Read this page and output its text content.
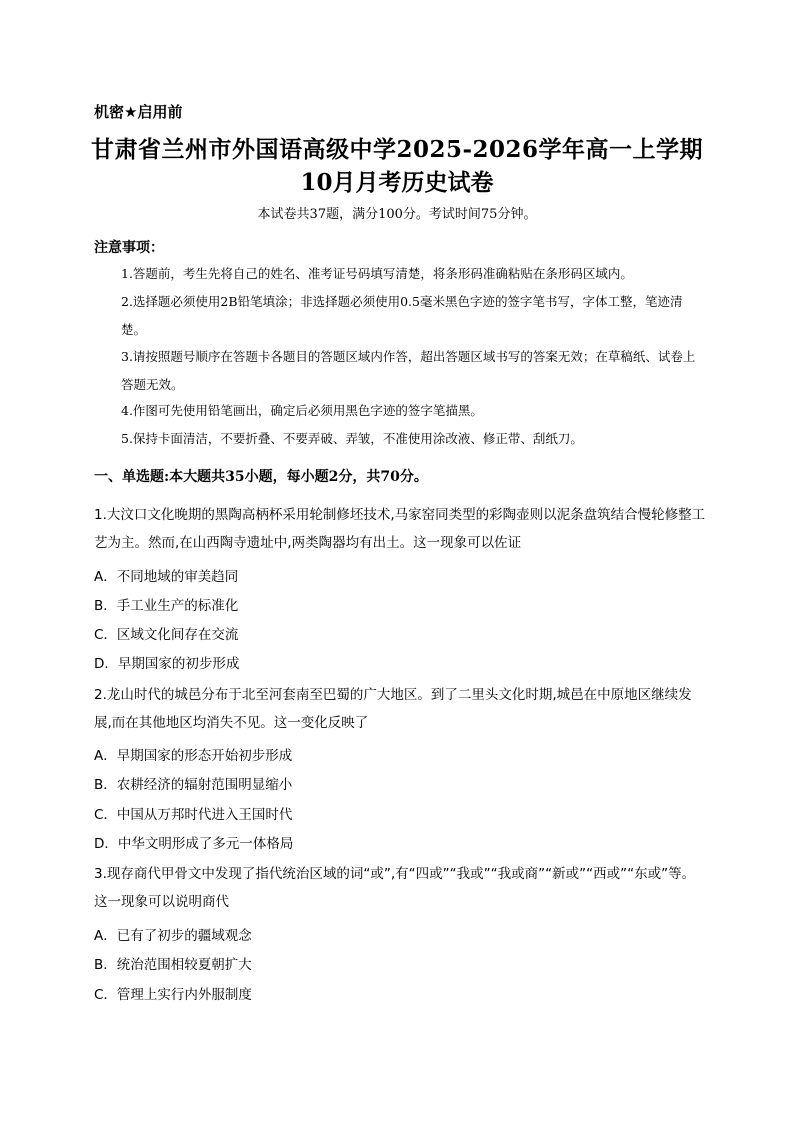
机密★启用前
甘肃省兰州市外国语高级中学2025-2026学年高一上学期
10月月考历史试卷
本试卷共37题，满分100分。考试时间75分钟。
注意事项：
1.答题前，考生先将自己的姓名、准考证号码填写清楚，将条形码准确粘贴在条形码区域内。
2.选择题必须使用2B铅笔填涂；非选择题必须使用0.5毫米黑色字迹的签字笔书写，字体工整，笔迹清楚。
3.请按照题号顺序在答题卡各题目的答题区域内作答，超出答题区域书写的答案无效；在草稿纸、试卷上答题无效。
4.作图可先使用铅笔画出，确定后必须用黑色字迹的签字笔描黑。
5.保持卡面清洁，不要折叠、不要弄破、弄皱，不准使用涂改液、修正带、刮纸刀。
一、单选题:本大题共35小题，每小题2分，共70分。
1.大汶口文化晚期的黑陶高柄杯采用轮制修坯技术,马家窑同类型的彩陶壶则以泥条盘筑结合慢轮修整工艺为主。然而,在山西陶寺遗址中,两类陶器均有出土。这一现象可以佐证
A．不同地域的审美趋同
B．手工业生产的标准化
C．区域文化间存在交流
D．早期国家的初步形成
2.龙山时代的城邑分布于北至河套南至巴蜀的广大地区。到了二里头文化时期,城邑在中原地区继续发展,而在其他地区均消失不见。这一变化反映了
A．早期国家的形态开始初步形成
B．农耕经济的辐射范围明显缩小
C．中国从万邦时代进入王国时代
D．中华文明形成了多元一体格局
3.现存商代甲骨文中发现了指代统治区域的词“或”,有“四或”“我或”“我或商”“新或”“西或”“东或”等。这一现象可以说明商代
A．已有了初步的疆域观念
B．统治范围相较夏朝扩大
C．管理上实行内外服制度
